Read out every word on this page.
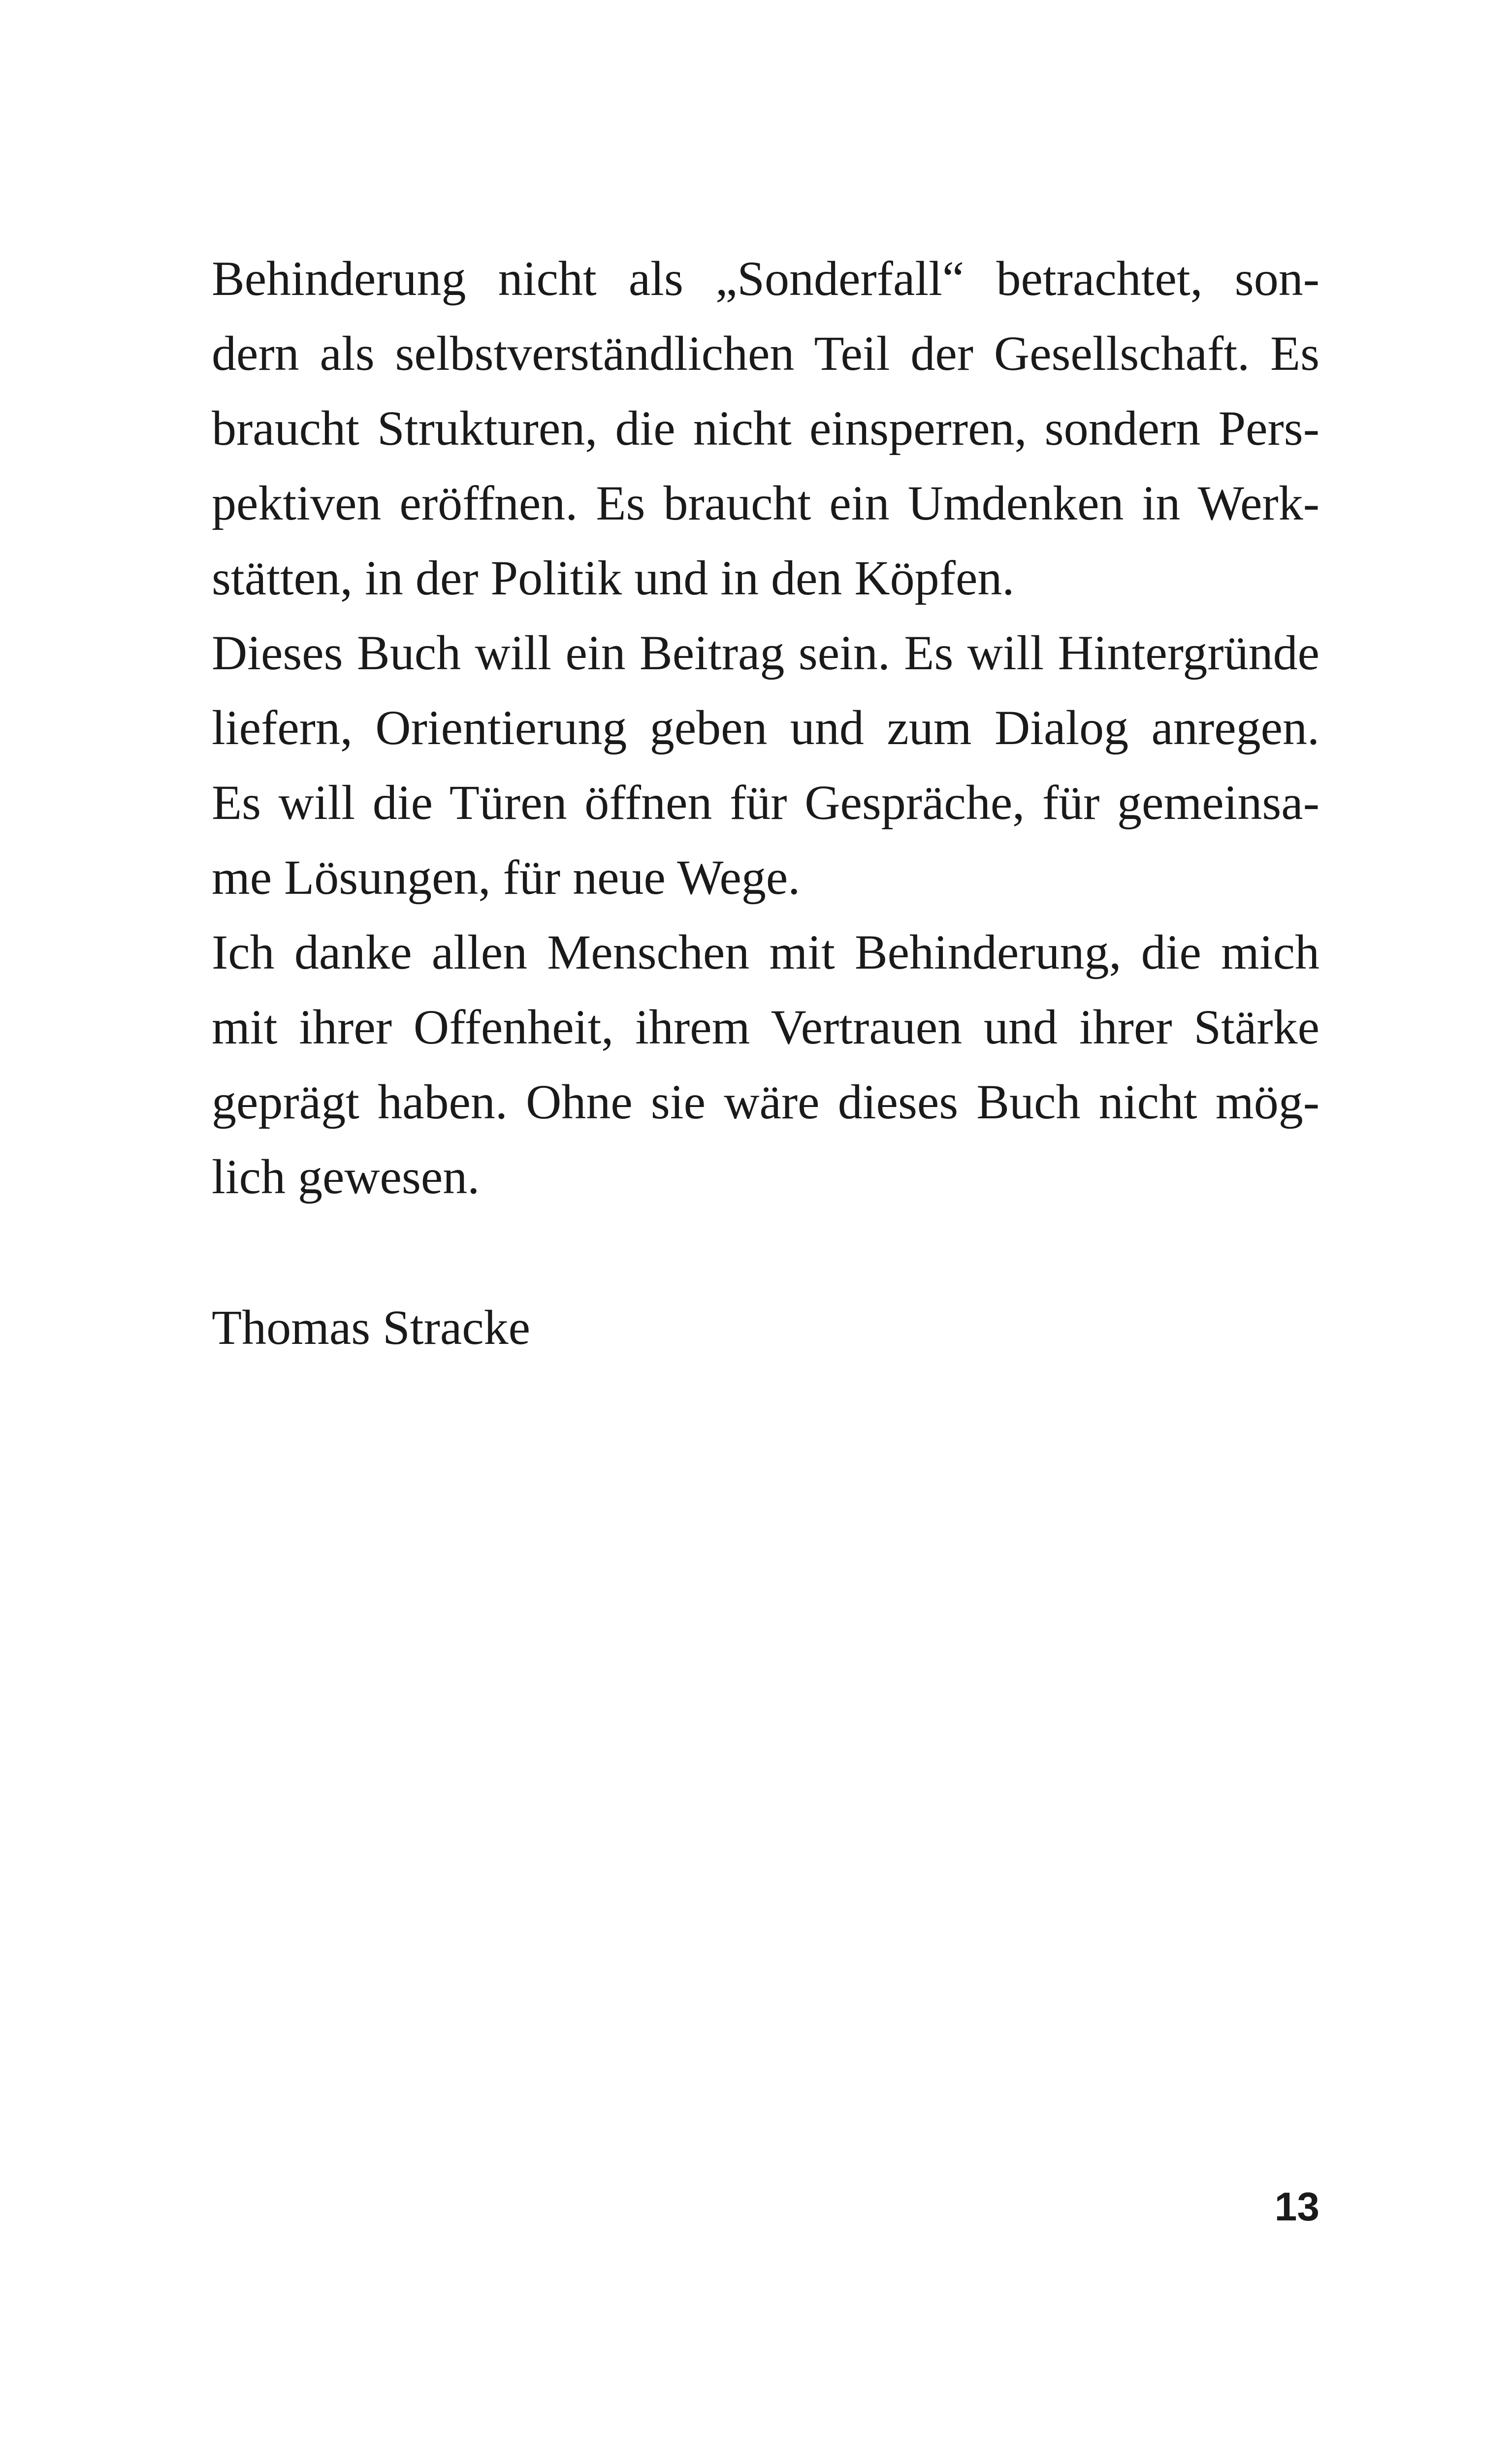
Behinderung nicht als „Sonderfall“ betrachtet, son-
dern als selbstverständlichen Teil der Gesellschaft. Es
braucht Strukturen, die nicht einsperren, sondern Pers-
pektiven eröffnen. Es braucht ein Umdenken in Werk-
stätten, in der Politik und in den Köpfen.
Dieses Buch will ein Beitrag sein. Es will Hintergründe
liefern, Orientierung geben und zum Dialog anregen.
Es will die Türen öffnen für Gespräche, für gemeinsa-
me Lösungen, für neue Wege.
Ich danke allen Menschen mit Behinderung, die mich
mit ihrer Offenheit, ihrem Vertrauen und ihrer Stärke
geprägt haben. Ohne sie wäre dieses Buch nicht mög-
lich gewesen.
Thomas Stracke
13
